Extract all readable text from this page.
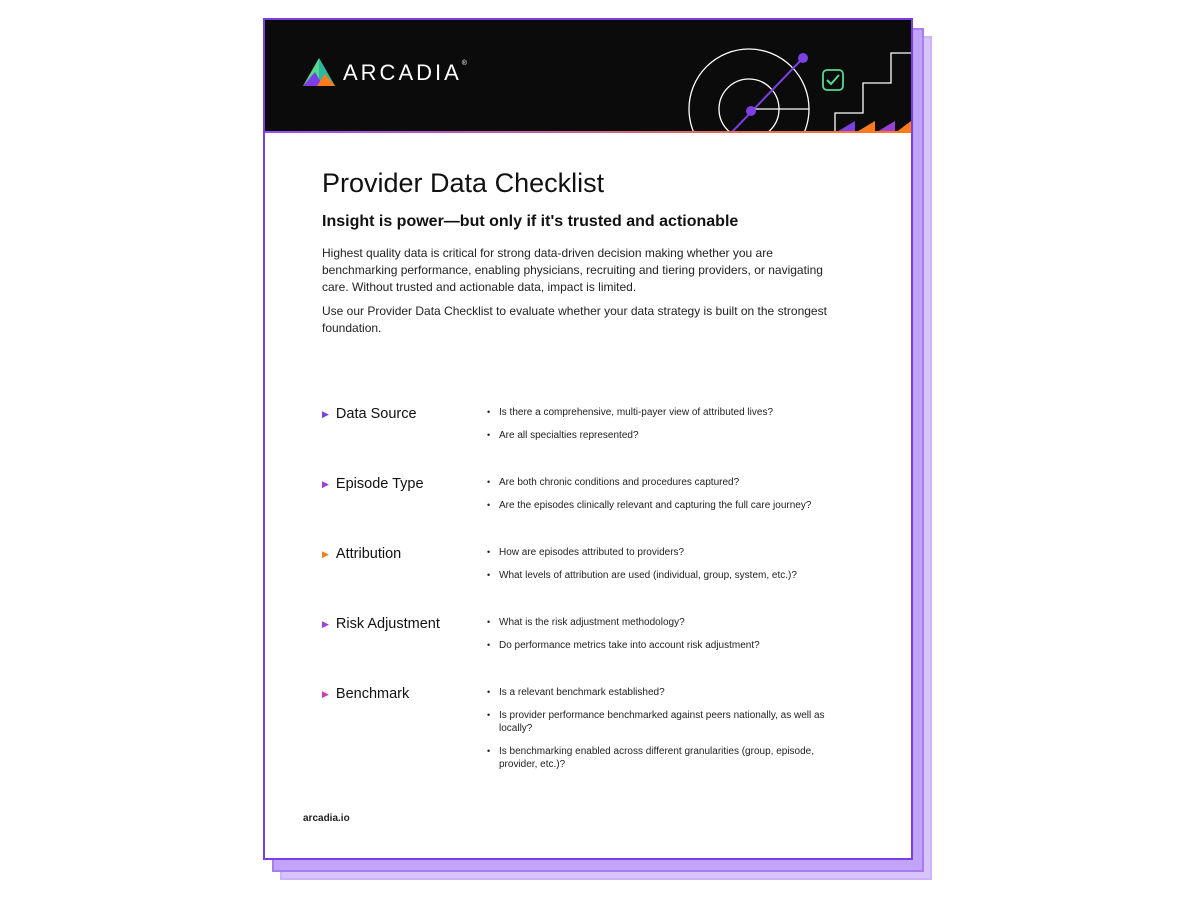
ARCADIA®
Provider Data Checklist
Insight is power—but only if it's trusted and actionable

Highest quality data is critical for strong data-driven decision making whether you are benchmarking performance, enabling physicians, recruiting and tiering providers, or navigating care. Without trusted and actionable data, impact is limited.

Use our Provider Data Checklist to evaluate whether your data strategy is built on the strongest foundation.

▶ Data Source	• Is there a comprehensive, multi-payer view of attributed lives?
• Are all specialties represented?
▶ Episode Type	• Are both chronic conditions and procedures captured?
• Are the episodes clinically relevant and capturing the full care journey?
▶ Attribution	• How are episodes attributed to providers?
• What levels of attribution are used (individual, group, system, etc.)?
▶ Risk Adjustment	• What is the risk adjustment methodology?
• Do performance metrics take into account risk adjustment?
▶ Benchmark	• Is a relevant benchmark established?
• Is provider performance benchmarked against peers nationally, as well as locally?
• Is benchmarking enabled across different granularities (group, episode, provider, etc.)?
arcadia.io
